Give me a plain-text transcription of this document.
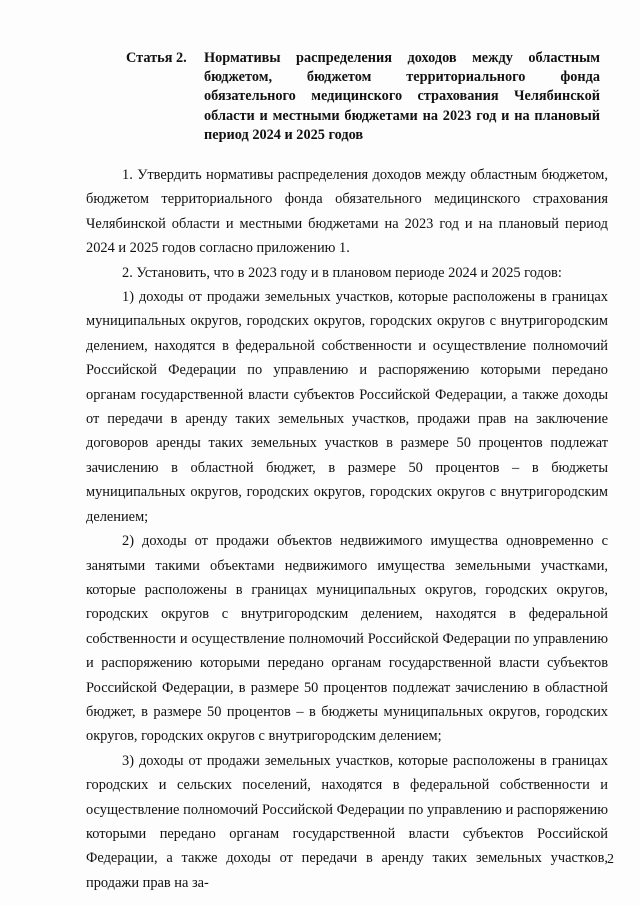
Статья 2.	Нормативы распределения доходов между областным бюджетом, бюджетом территориального фонда обязательного медицинского страхования Челябинской области и местными бюджетами на 2023 год и на плановый период 2024 и 2025 годов

1. Утвердить нормативы распределения доходов между областным бюджетом, бюджетом территориального фонда обязательного медицинского страхования Челябинской области и местными бюджетами на 2023 год и на плановый период 2024 и 2025 годов согласно приложению 1.

2. Установить, что в 2023 году и в плановом периоде 2024 и 2025 годов:

1) доходы от продажи земельных участков, которые расположены в границах муниципальных округов, городских округов, городских округов с внутригородским делением, находятся в федеральной собственности и осуществление полномочий Российской Федерации по управлению и распоряжению которыми передано органам государственной власти субъектов Российской Федерации, а также доходы от передачи в аренду таких земельных участков, продажи прав на заключение договоров аренды таких земельных участков в размере 50 процентов подлежат зачислению в областной бюджет, в размере 50 процентов – в бюджеты муниципальных округов, городских округов, городских округов с внутригородским делением;

2) доходы от продажи объектов недвижимого имущества одновременно с занятыми такими объектами недвижимого имущества земельными участками, которые расположены в границах муниципальных округов, городских округов, городских округов с внутригородским делением, находятся в федеральной собственности и осуществление полномочий Российской Федерации по управлению и распоряжению которыми передано органам государственной власти субъектов Российской Федерации, в размере 50 процентов подлежат зачислению в областной бюджет, в размере 50 процентов – в бюджеты муниципальных округов, городских округов, городских округов с внутригородским делением;

3) доходы от продажи земельных участков, которые расположены в границах городских и сельских поселений, находятся в федеральной собственности и осуществление полномочий Российской Федерации по управлению и распоряжению которыми передано органам государственной власти субъектов Российской Федерации, а также доходы от передачи в аренду таких земельных участков, продажи прав на за-

2
